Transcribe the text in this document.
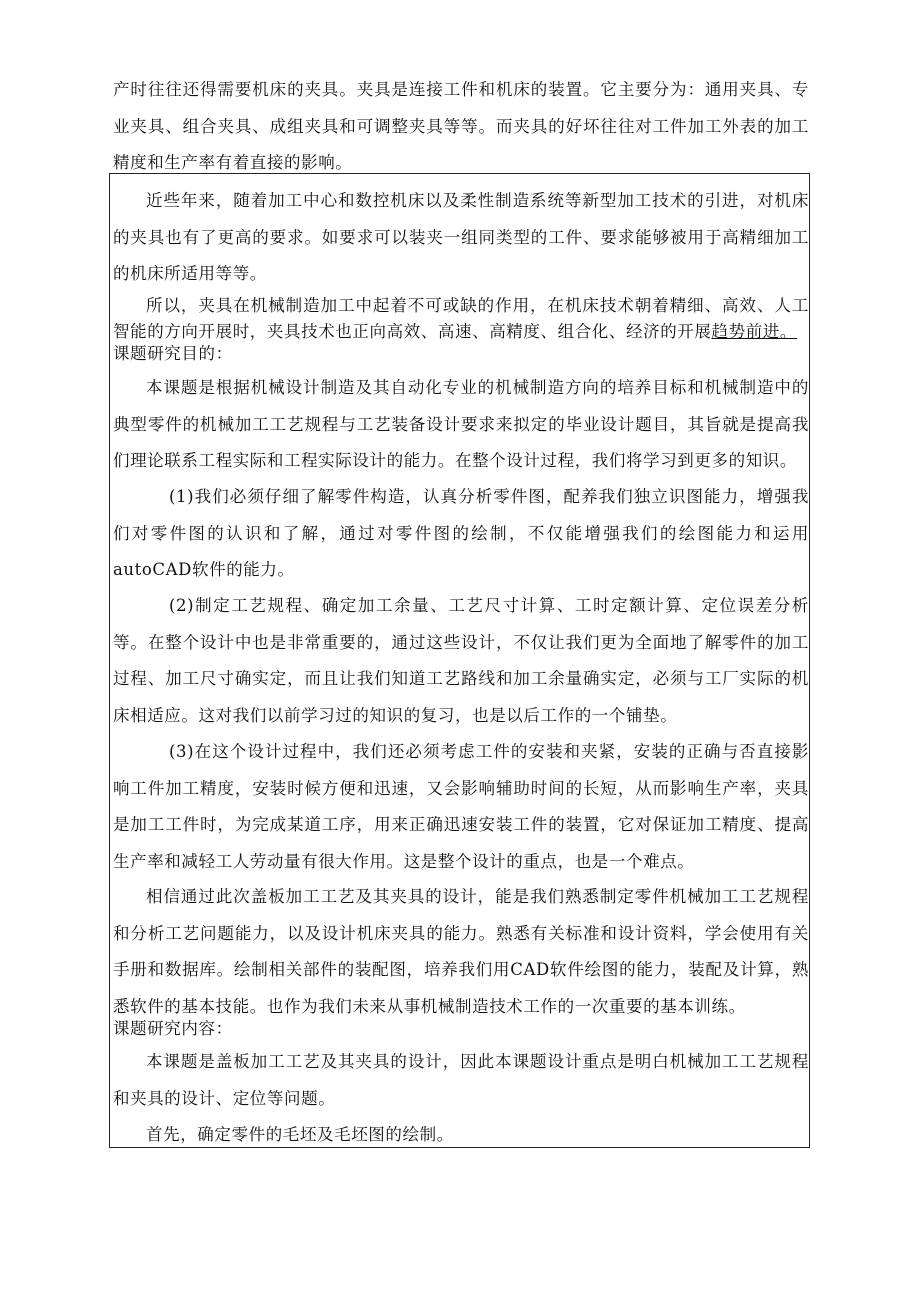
产时往往还得需要机床的夹具。夹具是连接工件和机床的装置。它主要分为：通用夹具、专业夹具、组合夹具、成组夹具和可调整夹具等等。而夹具的好坏往往对工件加工外表的加工精度和生产率有着直接的影响。

近些年来，随着加工中心和数控机床以及柔性制造系统等新型加工技术的引进，对机床的夹具也有了更高的要求。如要求可以装夹一组同类型的工件、要求能够被用于高精细加工的机床所适用等等。

所以，夹具在机械制造加工中起着不可或缺的作用，在机床技术朝着精细、高效、人工智能的方向开展时，夹具技术也正向高效、高速、高精度、组合化、经济的开展趋势前进。

课题研究目的：

本课题是根据机械设计制造及其自动化专业的机械制造方向的培养目标和机械制造中的典型零件的机械加工工艺规程与工艺装备设计要求来拟定的毕业设计题目，其旨就是提高我们理论联系工程实际和工程实际设计的能力。在整个设计过程，我们将学习到更多的知识。

(1)我们必须仔细了解零件构造，认真分析零件图，配养我们独立识图能力，增强我们对零件图的认识和了解，通过对零件图的绘制，不仅能增强我们的绘图能力和运用autoCAD软件的能力。

(2)制定工艺规程、确定加工余量、工艺尺寸计算、工时定额计算、定位误差分析等。在整个设计中也是非常重要的，通过这些设计，不仅让我们更为全面地了解零件的加工过程、加工尺寸确实定，而且让我们知道工艺路线和加工余量确实定，必须与工厂实际的机床相适应。这对我们以前学习过的知识的复习，也是以后工作的一个铺垫。

(3)在这个设计过程中，我们还必须考虑工件的安装和夹紧，安装的正确与否直接影响工件加工精度，安装时候方便和迅速，又会影响辅助时间的长短，从而影响生产率，夹具是加工工件时，为完成某道工序，用来正确迅速安装工件的装置，它对保证加工精度、提高生产率和减轻工人劳动量有很大作用。这是整个设计的重点，也是一个难点。

相信通过此次盖板加工工艺及其夹具的设计，能是我们熟悉制定零件机械加工工艺规程和分析工艺问题能力，以及设计机床夹具的能力。熟悉有关标准和设计资料，学会使用有关手册和数据库。绘制相关部件的装配图，培养我们用CAD软件绘图的能力，装配及计算，熟悉软件的基本技能。也作为我们未来从事机械制造技术工作的一次重要的基本训练。

课题研究内容：

本课题是盖板加工工艺及其夹具的设计，因此本课题设计重点是明白机械加工工艺规程和夹具的设计、定位等问题。

首先，确定零件的毛坯及毛坯图的绘制。
